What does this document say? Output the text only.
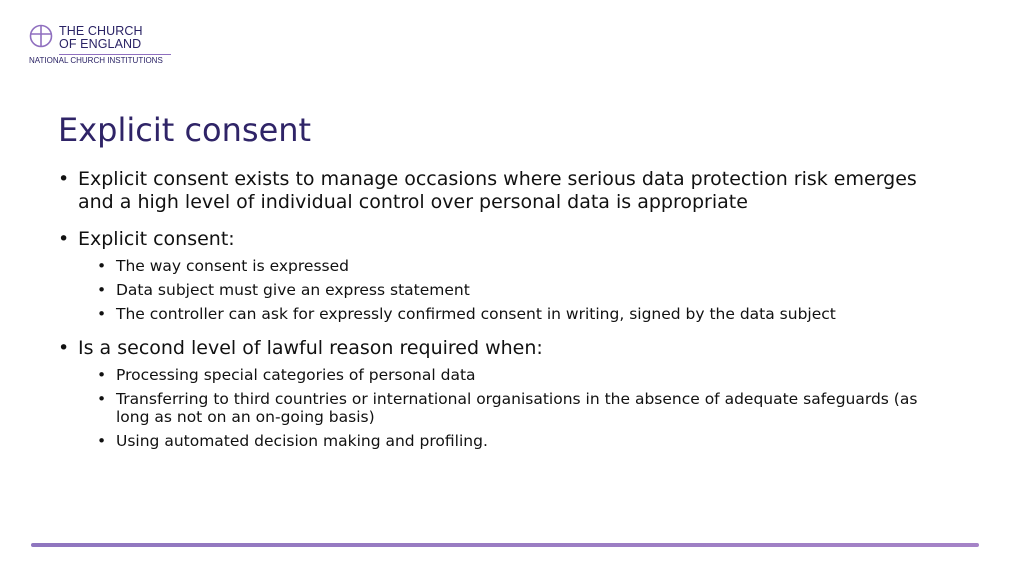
THE CHURCH
OF ENGLAND
NATIONAL CHURCH INSTITUTIONS
Explicit consent
• Explicit consent exists to manage occasions where serious data protection risk emerges and a high level of individual control over personal data is appropriate
• Explicit consent:
• The way consent is expressed
• Data subject must give an express statement
• The controller can ask for expressly confirmed consent in writing, signed by the data subject
• Is a second level of lawful reason required when:
• Processing special categories of personal data
• Transferring to third countries or international organisations in the absence of adequate safeguards (as long as not on an on-going basis)
• Using automated decision making and profiling.
